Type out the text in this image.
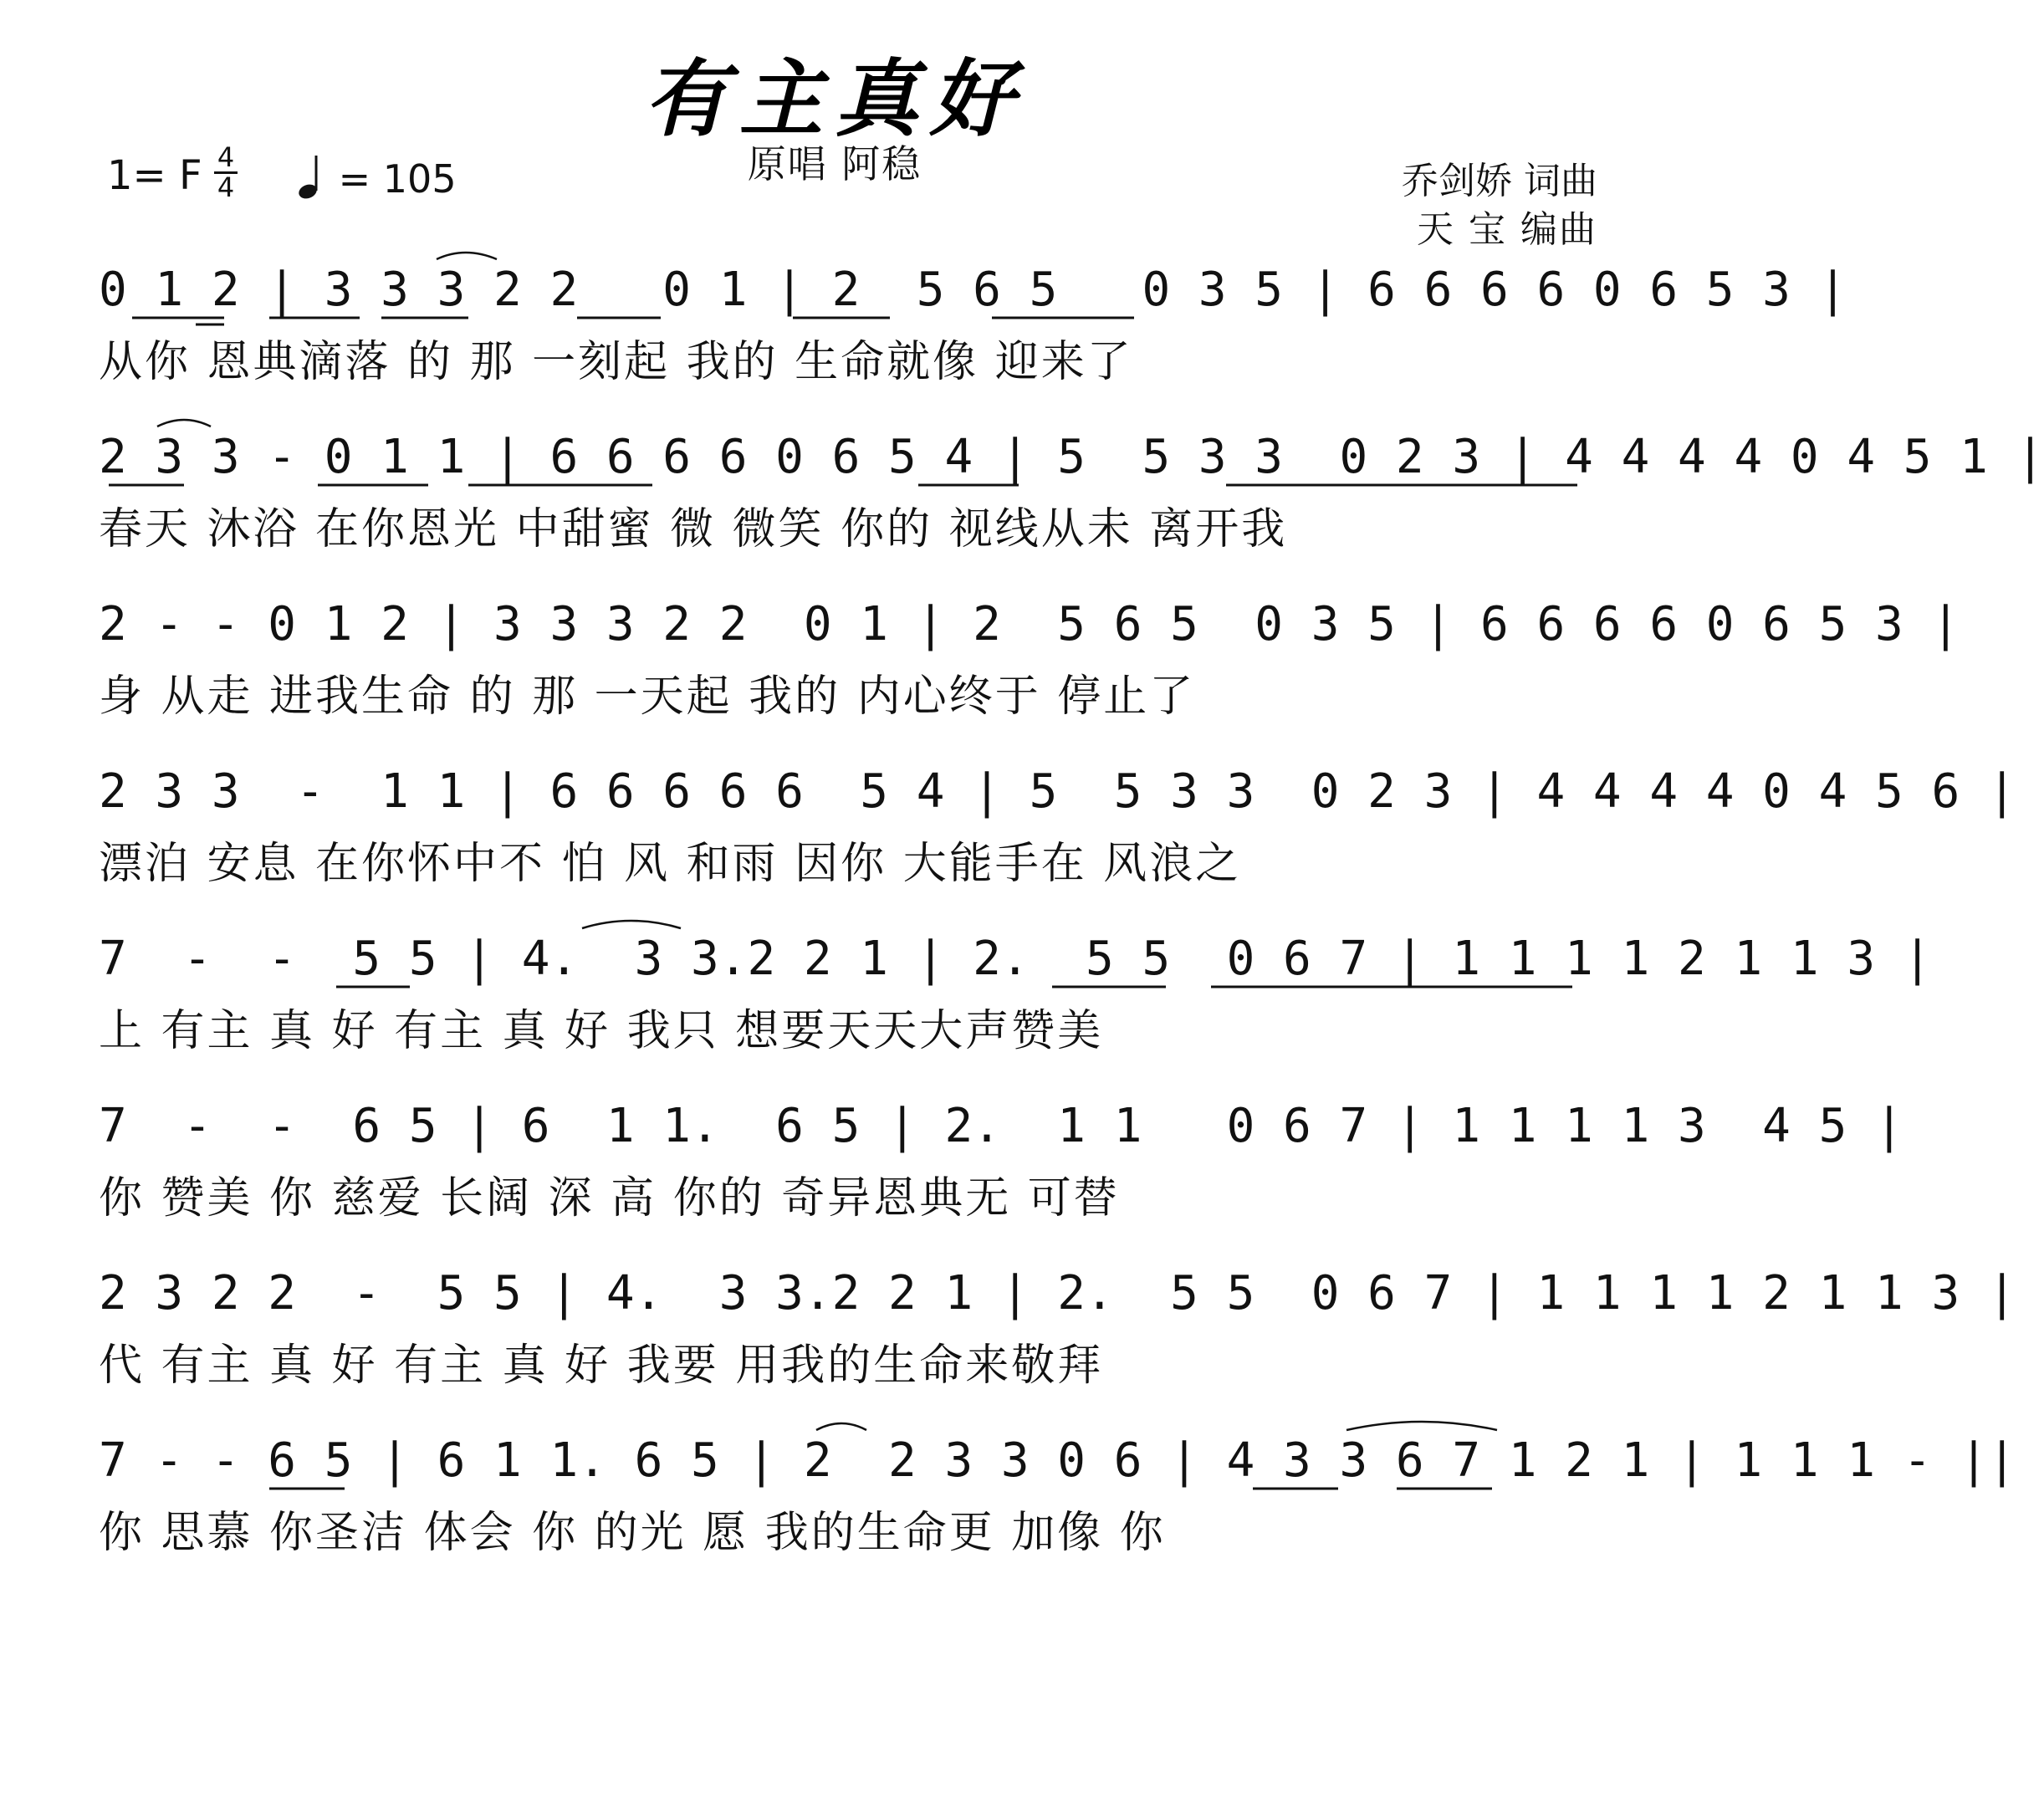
有主真好
原唱 阿稳
1= F 4
4	= 105	乔剑娇 词曲
天 宝 编曲
0 1 2 | 3 3 3 2 2   0 1 | 2  5 6 5   0 3 5 | 6 6 6 6 0 6 5 3 |
从你 恩典滴落 的 那 一刻起 我的 生命就像 迎来了
2 3 3 - 0 1 1 | 6 6 6 6 0 6 5 4 | 5  5 3 3  0 2 3 | 4 4 4 4 0 4 5 1 |
春天 沐浴 在你恩光 中甜蜜 微 微笑 你的 视线从未 离开我
2 - - 0 1 2 | 3 3 3 2 2  0 1 | 2  5 6 5  0 3 5 | 6 6 6 6 0 6 5 3 |
身 从走 进我生命 的 那 一天起 我的 内心终于 停止了
2 3 3  -  1 1 | 6 6 6 6 6  5 4 | 5  5 3 3  0 2 3 | 4 4 4 4 0 4 5 6 |
漂泊 安息 在你怀中不 怕 风 和雨 因你 大能手在 风浪之
7  -  -  5 5 | 4.  3 3.2 2 1 | 2.  5 5  0 6 7 | 1 1 1 1 2 1 1 3 |
上 有主 真 好 有主 真 好 我只 想要天天大声赞美
7  -  -  6 5 | 6  1 1.  6 5 | 2.  1 1   0 6 7 | 1 1 1 1 3  4 5 |
你 赞美 你 慈爱 长阔 深 高 你的 奇异恩典无 可替
2 3 2 2  -  5 5 | 4.  3 3.2 2 1 | 2.  5 5  0 6 7 | 1 1 1 1 2 1 1 3 |
代 有主 真 好 有主 真 好 我要 用我的生命来敬拜
7 - - 6 5 | 6 1 1. 6 5 | 2  2 3 3 0 6 | 4 3 3 6 7 1 2 1 | 1 1 1 - ||
你 思慕 你圣洁 体会 你 的光 愿 我的生命更 加像 你
